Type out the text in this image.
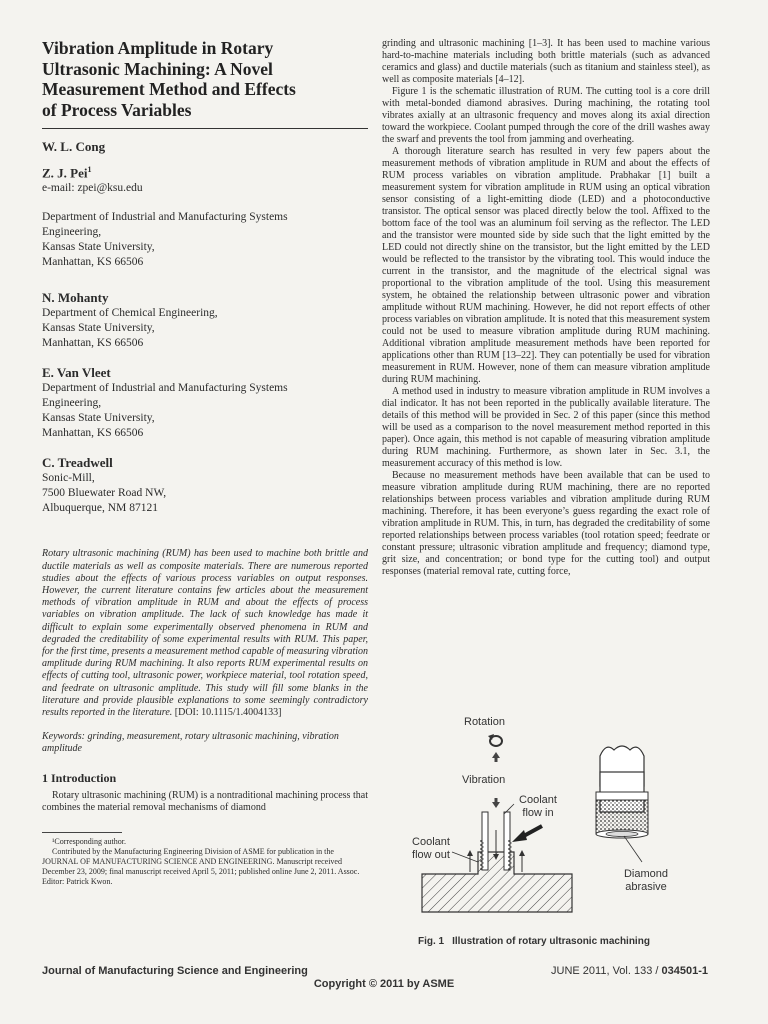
Vibration Amplitude in Rotary
Ultrasonic Machining: A Novel
Measurement Method and Effects
of Process Variables

W. L. Cong

Z. J. Pei$^1$

e-mail: zpei@ksu.edu
Department of Industrial and Manufacturing Systems
Engineering,
Kansas State University,
Manhattan, KS 66506

N. Mohanty

Department of Chemical Engineering,
Kansas State University,
Manhattan, KS 66506

E. Van Vleet

Department of Industrial and Manufacturing Systems
Engineering,
Kansas State University,
Manhattan, KS 66506

C. Treadwell

Sonic-Mill,
7500 Bluewater Road NW,
Albuquerque, NM 87121

Rotary ultrasonic machining (RUM) has been used to machine both brittle and ductile materials as well as composite materials. There are numerous reported studies about the effects of various process variables on output responses. However, the current literature contains few articles about the measurement methods of vibration amplitude in RUM and about the effects of process variables on vibration amplitude. The lack of such knowledge has made it difficult to explain some experimentally observed phenomena in RUM and degraded the creditability of some experimental results with RUM. This paper, for the first time, presents a measurement method capable of measuring vibration amplitude during RUM machining. It also reports RUM experimental results on effects of cutting tool, ultrasonic power, workpiece material, tool rotation speed, and feedrate on ultrasonic amplitude. This study will fill some blanks in the literature and provide plausible explanations to some seemingly contradictory results reported in the literature. [DOI: 10.1115/1.4004133]

Keywords: grinding, measurement, rotary ultrasonic machining, vibration amplitude

1 Introduction

Rotary ultrasonic machining (RUM) is a nontraditional machining process that combines the material removal mechanisms of diamond

¹Corresponding author.

Contributed by the Manufacturing Engineering Division of ASME for publication in the JOURNAL OF MANUFACTURING SCIENCE AND ENGINEERING. Manuscript received December 23, 2009; final manuscript received April 5, 2011; published online June 2, 2011. Assoc. Editor: Patrick Kwon.

grinding and ultrasonic machining [1–3]. It has been used to machine various hard-to-machine materials including both brittle materials (such as advanced ceramics and glass) and ductile materials (such as titanium and stainless steel), as well as composite materials [4–12].

Figure 1 is the schematic illustration of RUM. The cutting tool is a core drill with metal-bonded diamond abrasives. During machining, the rotating tool vibrates axially at an ultrasonic frequency and moves along its axial direction toward the workpiece. Coolant pumped through the core of the drill washes away the swarf and prevents the tool from jamming and overheating.

A thorough literature search has resulted in very few papers about the measurement methods of vibration amplitude in RUM and about the effects of RUM process variables on vibration amplitude. Prabhakar [1] built a measurement system for vibration amplitude in RUM using an optical vibration sensor consisting of a light-emitting diode (LED) and a photoconductive transistor. The optical sensor was placed directly below the tool. Affixed to the bottom face of the tool was an aluminum foil serving as the reflector. The LED and the transistor were mounted side by side such that the light emitted by the LED could not directly shine on the transistor, but the light emitted by the LED would be reflected to the transistor by the vibrating tool. This would induce the current in the transistor, and the magnitude of the electrical signal was proportional to the vibration amplitude of the tool. Using this measurement system, he obtained the relationship between ultrasonic power and vibration amplitude without RUM machining. However, he did not report effects of other process variables on vibration amplitude. It is noted that this measurement system could not be used to measure vibration amplitude during RUM machining. Additional vibration amplitude measurement methods have been reported for applications other than RUM [13–22]. They can potentially be used for vibration measurement in RUM. However, none of them can measure vibration amplitude during RUM machining.

A method used in industry to measure vibration amplitude in RUM involves a dial indicator. It has not been reported in the publically available literature. The details of this method will be provided in Sec. 2 of this paper (since this method will be used as a comparison to the novel measurement method reported in this paper). Once again, this method is not capable of measuring vibration amplitude during RUM machining. Furthermore, as shown later in Sec. 3.1, the measurement accuracy of this method is low.

Because no measurement methods have been available that can be used to measure vibration amplitude during RUM machining, there are no reported relationships between process variables and vibration amplitude during RUM machining. Therefore, it has been everyone’s guess regarding the exact role of vibration amplitude in RUM. This, in turn, has degraded the creditability of some reported relationships between process variables (tool rotation speed; feedrate or constant pressure; ultrasonic vibration amplitude and frequency; diamond type, grit size, and concentration; or bond type for the cutting tool) and output responses (material removal rate, cutting force,

Rotation
Vibration
Coolant flow in
Coolant flow out
Diamond abrasive
Fig. 1 Illustration of rotary ultrasonic machining
Journal of Manufacturing Science and Engineering	JUNE 2011, Vol. 133 / 034501-1
Copyright © 2011 by ASME
